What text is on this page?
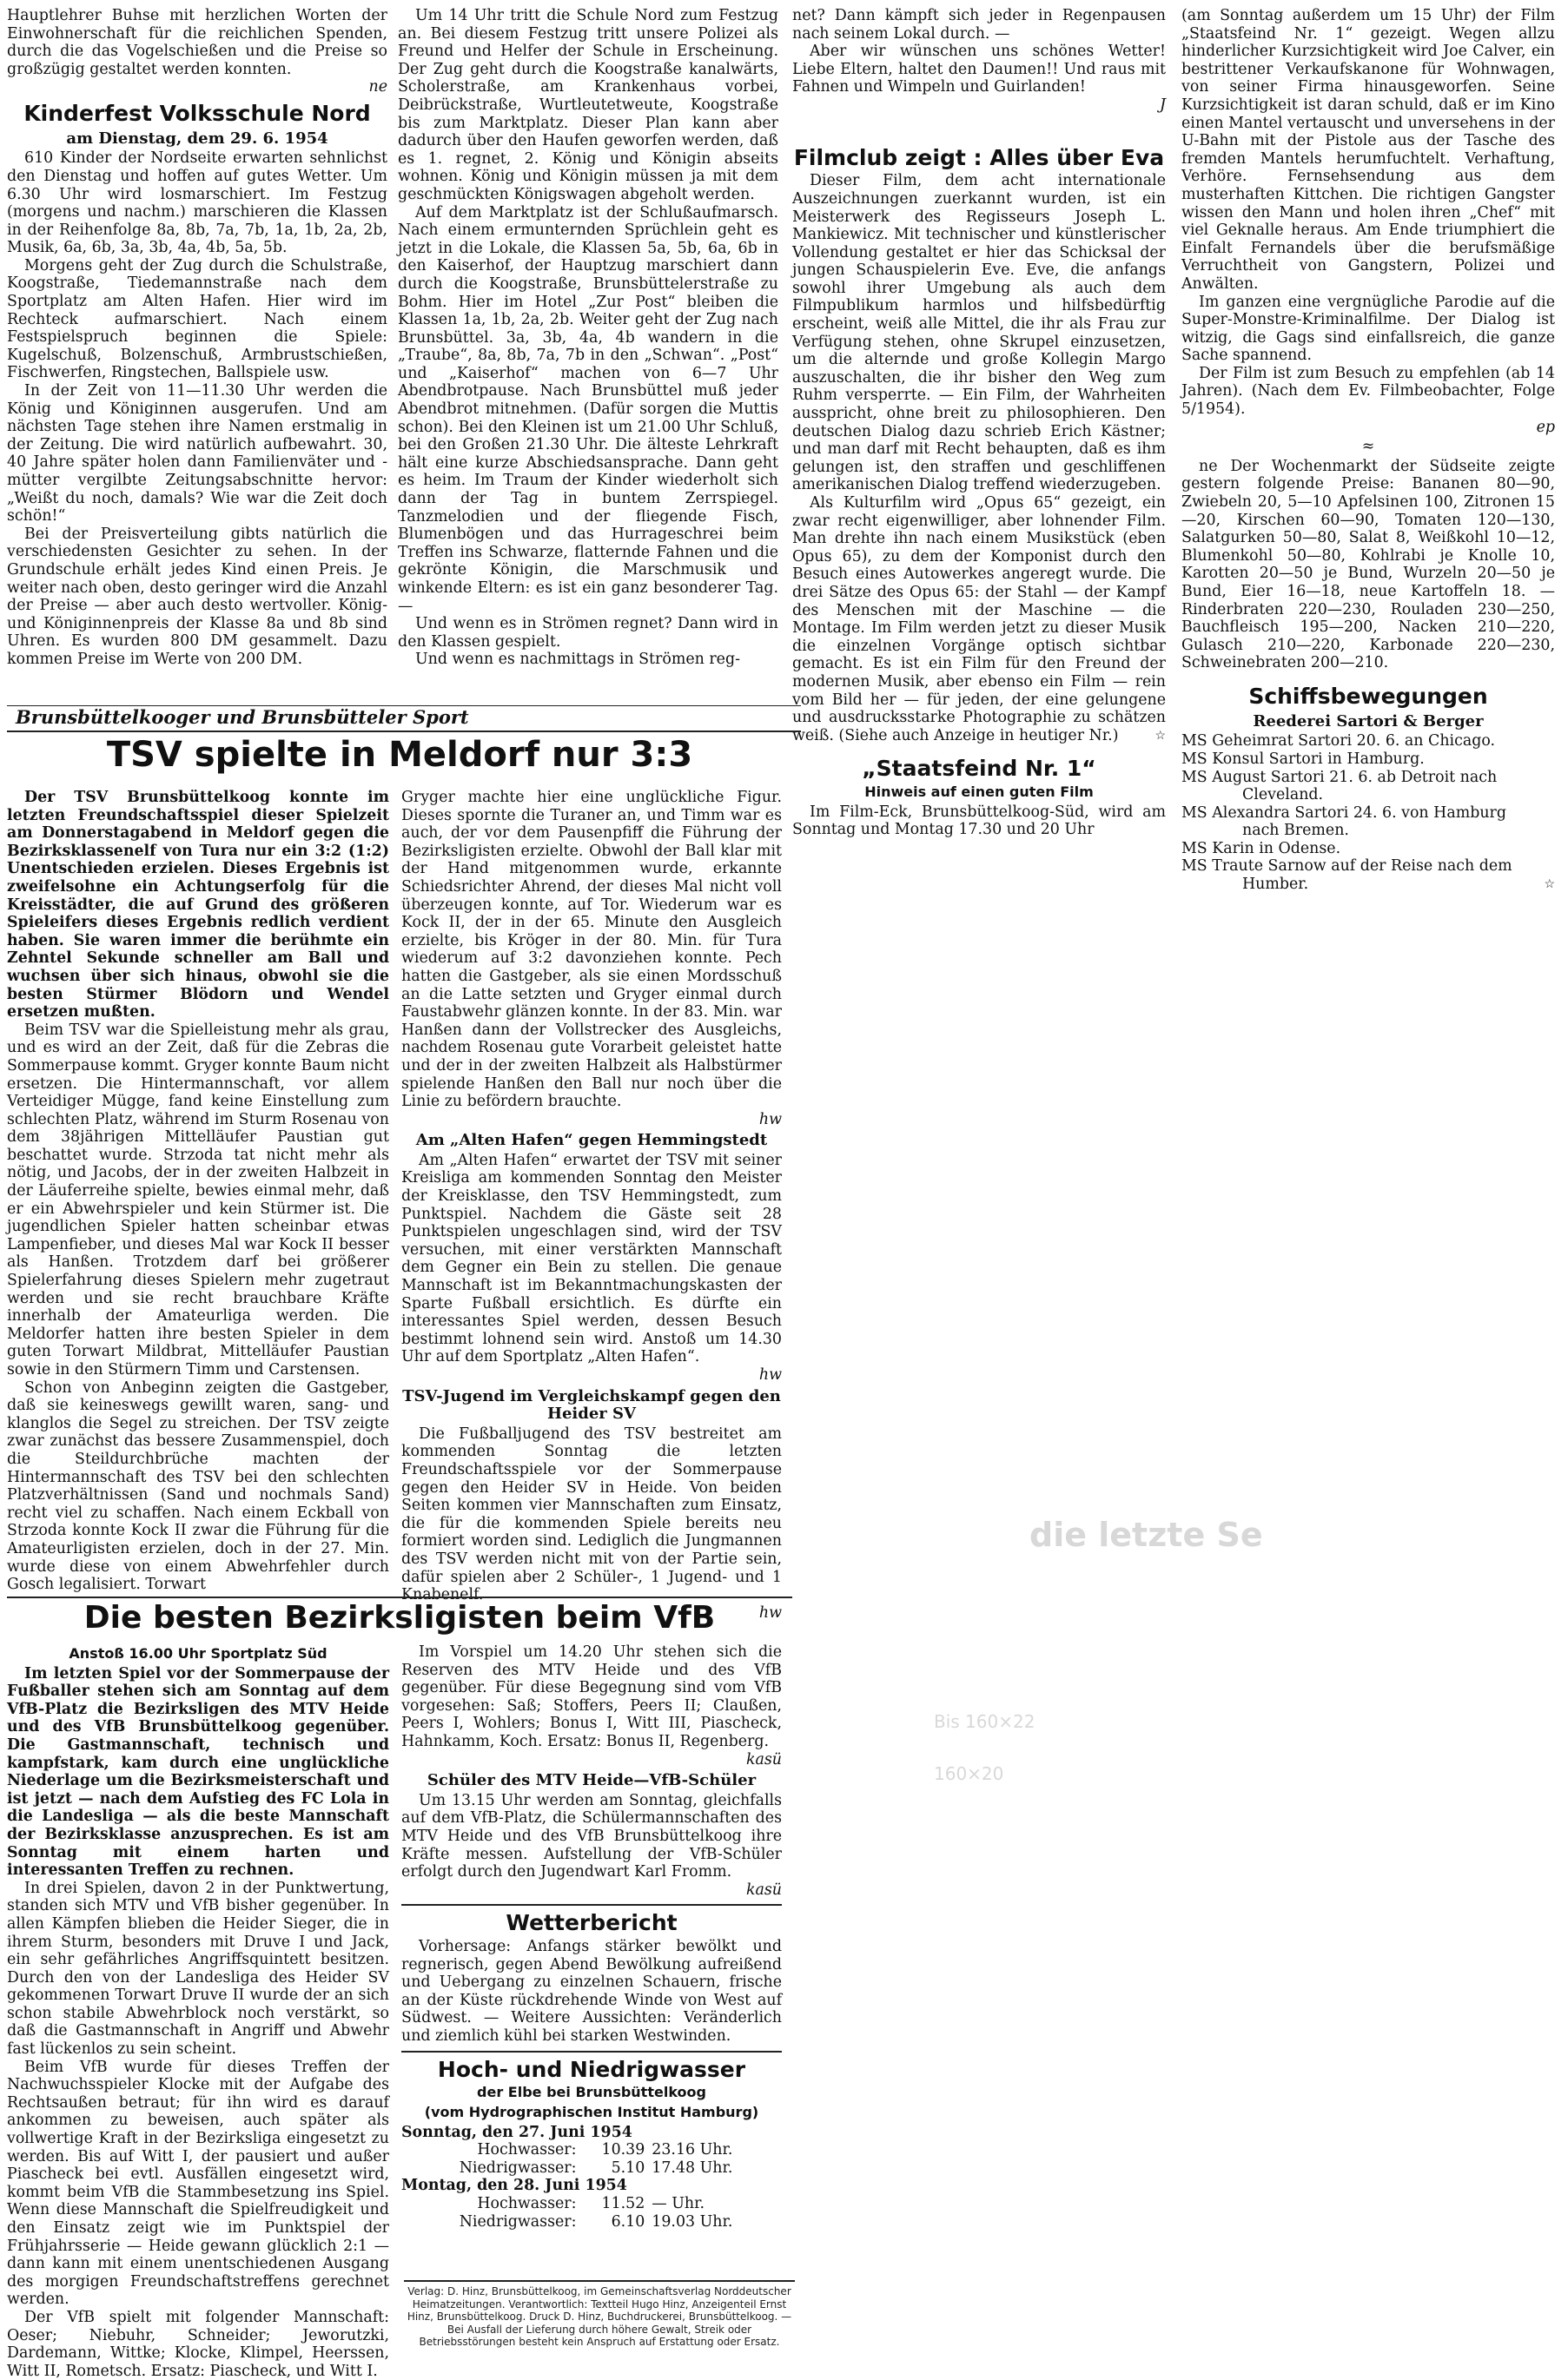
Hauptlehrer Buhse mit herzlichen Worten der Einwohnerschaft für die reichlichen Spenden, durch die das Vogelschießen und die Preise so großzügig gestaltet werden konnten.

ne
Kinderfest Volksschule Nord
am Dienstag, dem 29. 6. 1954

610 Kinder der Nordseite erwarten sehnlichst den Dienstag und hoffen auf gutes Wetter. Um 6.30 Uhr wird losmarschiert. Im Festzug (morgens und nachm.) marschieren die Klassen in der Reihenfolge 8a, 8b, 7a, 7b, 1a, 1b, 2a, 2b, Musik, 6a, 6b, 3a, 3b, 4a, 4b, 5a, 5b.

Morgens geht der Zug durch die Schulstraße, Koogstraße, Tiedemannstraße nach dem Sportplatz am Alten Hafen. Hier wird im Rechteck aufmarschiert. Nach einem Festspielspruch beginnen die Spiele: Kugelschuß, Bolzenschuß, Armbrustschießen, Fischwerfen, Ringstechen, Ballspiele usw.

In der Zeit von 11—11.30 Uhr werden die König und Königinnen ausgerufen. Und am nächsten Tage stehen ihre Namen erstmalig in der Zeitung. Die wird natürlich aufbewahrt. 30, 40 Jahre später holen dann Familienväter und -mütter vergilbte Zeitungsabschnitte hervor: „Weißt du noch, damals? Wie war die Zeit doch schön!“

Bei der Preisverteilung gibts natürlich die verschiedensten Gesichter zu sehen. In der Grundschule erhält jedes Kind einen Preis. Je weiter nach oben, desto geringer wird die Anzahl der Preise — aber auch desto wertvoller. König- und Königinnenpreis der Klasse 8a und 8b sind Uhren. Es wurden 800 DM gesammelt. Dazu kommen Preise im Werte von 200 DM.

Um 14 Uhr tritt die Schule Nord zum Festzug an. Bei diesem Festzug tritt unsere Polizei als Freund und Helfer der Schule in Erscheinung. Der Zug geht durch die Koogstraße kanalwärts, Scholerstraße, am Krankenhaus vorbei, Deibrückstraße, Wurtleutetweute, Koogstraße bis zum Marktplatz. Dieser Plan kann aber dadurch über den Haufen geworfen werden, daß es 1. regnet, 2. König und Königin abseits wohnen. König und Königin müssen ja mit dem geschmückten Königswagen abgeholt werden.

Auf dem Marktplatz ist der Schlußaufmarsch. Nach einem ermunternden Sprüchlein geht es jetzt in die Lokale, die Klassen 5a, 5b, 6a, 6b in den Kaiserhof, der Hauptzug marschiert dann durch die Koogstraße, Brunsbüttelerstraße zu Bohm. Hier im Hotel „Zur Post“ bleiben die Klassen 1a, 1b, 2a, 2b. Weiter geht der Zug nach Brunsbüttel. 3a, 3b, 4a, 4b wandern in die „Traube“, 8a, 8b, 7a, 7b in den „Schwan“. „Post“ und „Kaiserhof“ machen von 6—7 Uhr Abendbrotpause. Nach Brunsbüttel muß jeder Abendbrot mitnehmen. (Dafür sorgen die Muttis schon). Bei den Kleinen ist um 21.00 Uhr Schluß, bei den Großen 21.30 Uhr. Die älteste Lehrkraft hält eine kurze Abschiedsansprache. Dann geht es heim. Im Traum der Kinder wiederholt sich dann der Tag in buntem Zerrspiegel. Tanzmelodien und der fliegende Fisch, Blumenbögen und das Hurrageschrei beim Treffen ins Schwarze, flatternde Fahnen und die gekrönte Königin, die Marschmusik und winkende Eltern: es ist ein ganz besonderer Tag. —

Und wenn es in Strömen regnet? Dann wird in den Klassen gespielt.

Und wenn es nachmittags in Strömen reg-

net? Dann kämpft sich jeder in Regenpausen nach seinem Lokal durch. —

Aber wir wünschen uns schönes Wetter! Liebe Eltern, haltet den Daumen!! Und raus mit Fahnen und Wimpeln und Guirlanden!

J
Filmclub zeigt : Alles über Eva

Dieser Film, dem acht internationale Auszeichnungen zuerkannt wurden, ist ein Meisterwerk des Regisseurs Joseph L. Mankiewicz. Mit technischer und künstlerischer Vollendung gestaltet er hier das Schicksal der jungen Schauspielerin Eve. Eve, die anfangs sowohl ihrer Umgebung als auch dem Filmpublikum harmlos und hilfsbedürftig erscheint, weiß alle Mittel, die ihr als Frau zur Verfügung stehen, ohne Skrupel einzusetzen, um die alternde und große Kollegin Margo auszuschalten, die ihr bisher den Weg zum Ruhm versperrte. — Ein Film, der Wahrheiten ausspricht, ohne breit zu philosophieren. Den deutschen Dialog dazu schrieb Erich Kästner; und man darf mit Recht behaupten, daß es ihm gelungen ist, den straffen und geschliffenen amerikanischen Dialog treffend wiederzugeben.

Als Kulturfilm wird „Opus 65“ gezeigt, ein zwar recht eigenwilliger, aber lohnender Film. Man drehte ihn nach einem Musikstück (eben Opus 65), zu dem der Komponist durch den Besuch eines Autowerkes angeregt wurde. Die drei Sätze des Opus 65: der Stahl — der Kampf des Menschen mit der Maschine — die Montage. Im Film werden jetzt zu dieser Musik die einzelnen Vorgänge optisch sichtbar gemacht. Es ist ein Film für den Freund der modernen Musik, aber ebenso ein Film — rein vom Bild her — für jeden, der eine gelungene und ausdrucksstarke Photographie zu schätzen weiß. (Siehe auch Anzeige in heutiger Nr.) ☆

„Staatsfeind Nr. 1“
Hinweis auf einen guten Film

Im Film-Eck, Brunsbüttelkoog-Süd, wird am Sonntag und Montag 17.30 und 20 Uhr

(am Sonntag außerdem um 15 Uhr) der Film „Staatsfeind Nr. 1“ gezeigt. Wegen allzu hinderlicher Kurzsichtigkeit wird Joe Calver, ein bestrittener Verkaufskanone für Wohnwagen, von seiner Firma hinausgeworfen. Seine Kurzsichtigkeit ist daran schuld, daß er im Kino einen Mantel vertauscht und unversehens in der U-Bahn mit der Pistole aus der Tasche des fremden Mantels herumfuchtelt. Verhaftung, Verhöre. Fernsehsendung aus dem musterhaften Kittchen. Die richtigen Gangster wissen den Mann und holen ihren „Chef“ mit viel Geknalle heraus. Am Ende triumphiert die Einfalt Fernandels über die berufsmäßige Verruchtheit von Gangstern, Polizei und Anwälten.

Im ganzen eine vergnügliche Parodie auf die Super-Monstre-Kriminalfilme. Der Dialog ist witzig, die Gags sind einfallsreich, die ganze Sache spannend.

Der Film ist zum Besuch zu empfehlen (ab 14 Jahren). (Nach dem Ev. Filmbeobachter, Folge 5/1954).

ep
≈

ne Der Wochenmarkt der Südseite zeigte gestern folgende Preise: Bananen 80—90, Zwiebeln 20, 5—10 Apfelsinen 100, Zitronen 15—20, Kirschen 60—90, Tomaten 120—130, Salatgurken 50—80, Salat 8, Weißkohl 10—12, Blumenkohl 50—80, Kohlrabi je Knolle 10, Karotten 20—50 je Bund, Wurzeln 20—50 je Bund, Eier 16—18, neue Kartoffeln 18. — Rinderbraten 220—230, Rouladen 230—250, Bauchfleisch 195—200, Nacken 210—220, Gulasch 210—220, Karbonade 220—230, Schweinebraten 200—210.

Schiffsbewegungen
Reederei Sartori & Berger

MS Geheimrat Sartori 20. 6. an Chicago.

MS Konsul Sartori in Hamburg.

MS August Sartori 21. 6. ab Detroit nach

Cleveland.

MS Alexandra Sartori 24. 6. von Hamburg

nach Bremen.

MS Karin in Odense.

MS Traute Sarnow auf der Reise nach dem

Humber. ☆

Brunsbüttelkooger und Brunsbütteler Sport
TSV spielte in Meldorf nur 3:3

Der TSV Brunsbüttelkoog konnte im letzten Freundschaftsspiel dieser Spielzeit am Donnerstagabend in Meldorf gegen die Bezirksklassenelf von Tura nur ein 3:2 (1:2) Unentschieden erzielen. Dieses Ergebnis ist zweifelsohne ein Achtungserfolg für die Kreisstädter, die auf Grund des größeren Spieleifers dieses Ergebnis redlich verdient haben. Sie waren immer die berühmte ein Zehntel Sekunde schneller am Ball und wuchsen über sich hinaus, obwohl sie die besten Stürmer Blödorn und Wendel ersetzen mußten.

Beim TSV war die Spielleistung mehr als grau, und es wird an der Zeit, daß für die Zebras die Sommerpause kommt. Gryger konnte Baum nicht ersetzen. Die Hintermannschaft, vor allem Verteidiger Mügge, fand keine Einstellung zum schlechten Platz, während im Sturm Rosenau von dem 38jährigen Mittelläufer Paustian gut beschattet wurde. Strzoda tat nicht mehr als nötig, und Jacobs, der in der zweiten Halbzeit in der Läuferreihe spielte, bewies einmal mehr, daß er ein Abwehrspieler und kein Stürmer ist. Die jugendlichen Spieler hatten scheinbar etwas Lampenfieber, und dieses Mal war Kock II besser als Hanßen. Trotzdem darf bei größerer Spielerfahrung dieses Spielern mehr zugetraut werden und sie recht brauchbare Kräfte innerhalb der Amateurliga werden. Die Meldorfer hatten ihre besten Spieler in dem guten Torwart Mildbrat, Mittelläufer Paustian sowie in den Stürmern Timm und Carstensen.

Schon von Anbeginn zeigten die Gastgeber, daß sie keineswegs gewillt waren, sang- und klanglos die Segel zu streichen. Der TSV zeigte zwar zunächst das bessere Zusammenspiel, doch die Steildurchbrüche machten der Hintermannschaft des TSV bei den schlechten Platzverhältnissen (Sand und nochmals Sand) recht viel zu schaffen. Nach einem Eckball von Strzoda konnte Kock II zwar die Führung für die Amateurligisten erzielen, doch in der 27. Min. wurde diese von einem Abwehrfehler durch Gosch legalisiert. Torwart

Gryger machte hier eine unglückliche Figur. Dieses spornte die Turaner an, und Timm war es auch, der vor dem Pausenpfiff die Führung der Bezirksligisten erzielte. Obwohl der Ball klar mit der Hand mitgenommen wurde, erkannte Schiedsrichter Ahrend, der dieses Mal nicht voll überzeugen konnte, auf Tor. Wiederum war es Kock II, der in der 65. Minute den Ausgleich erzielte, bis Kröger in der 80. Min. für Tura wiederum auf 3:2 davonziehen konnte. Pech hatten die Gastgeber, als sie einen Mordsschuß an die Latte setzten und Gryger einmal durch Faustabwehr glänzen konnte. In der 83. Min. war Hanßen dann der Vollstrecker des Ausgleichs, nachdem Rosenau gute Vorarbeit geleistet hatte und der in der zweiten Halbzeit als Halbstürmer spielende Hanßen den Ball nur noch über die Linie zu befördern brauchte.

hw
Am „Alten Hafen“ gegen Hemmingstedt

Am „Alten Hafen“ erwartet der TSV mit seiner Kreisliga am kommenden Sonntag den Meister der Kreisklasse, den TSV Hemmingstedt, zum Punktspiel. Nachdem die Gäste seit 28 Punktspielen ungeschlagen sind, wird der TSV versuchen, mit einer verstärkten Mannschaft dem Gegner ein Bein zu stellen. Die genaue Mannschaft ist im Bekanntmachungskasten der Sparte Fußball ersichtlich. Es dürfte ein interessantes Spiel werden, dessen Besuch bestimmt lohnend sein wird. Anstoß um 14.30 Uhr auf dem Sportplatz „Alten Hafen“.

hw
TSV-Jugend im Vergleichskampf gegen den Heider SV

Die Fußballjugend des TSV bestreitet am kommenden Sonntag die letzten Freundschaftsspiele vor der Sommerpause gegen den Heider SV in Heide. Von beiden Seiten kommen vier Mannschaften zum Einsatz, die für die kommenden Spiele bereits neu formiert worden sind. Lediglich die Jungmannen des TSV werden nicht mit von der Partie sein, dafür spielen aber 2 Schüler-, 1 Jugend- und 1 Knabenelf.

hw
Die besten Bezirksligisten beim VfB
Anstoß 16.00 Uhr Sportplatz Süd

Im letzten Spiel vor der Sommerpause der Fußballer stehen sich am Sonntag auf dem VfB-Platz die Bezirksligen des MTV Heide und des VfB Brunsbüttelkoog gegenüber. Die Gastmannschaft, technisch und kampfstark, kam durch eine unglückliche Niederlage um die Bezirksmeisterschaft und ist jetzt — nach dem Aufstieg des FC Lola in die Landesliga — als die beste Mannschaft der Bezirksklasse anzusprechen. Es ist am Sonntag mit einem harten und interessanten Treffen zu rechnen.

In drei Spielen, davon 2 in der Punktwertung, standen sich MTV und VfB bisher gegenüber. In allen Kämpfen blieben die Heider Sieger, die in ihrem Sturm, besonders mit Druve I und Jack, ein sehr gefährliches Angriffsquintett besitzen. Durch den von der Landesliga des Heider SV gekommenen Torwart Druve II wurde der an sich schon stabile Abwehrblock noch verstärkt, so daß die Gastmannschaft in Angriff und Abwehr fast lückenlos zu sein scheint.

Beim VfB wurde für dieses Treffen der Nachwuchsspieler Klocke mit der Aufgabe des Rechtsaußen betraut; für ihn wird es darauf ankommen zu beweisen, auch später als vollwertige Kraft in der Bezirksliga eingesetzt zu werden. Bis auf Witt I, der pausiert und außer Piascheck bei evtl. Ausfällen eingesetzt wird, kommt beim VfB die Stammbesetzung ins Spiel. Wenn diese Mannschaft die Spielfreudigkeit und den Einsatz zeigt wie im Punktspiel der Frühjahrsserie — Heide gewann glücklich 2:1 — dann kann mit einem unentschiedenen Ausgang des morgigen Freundschaftstreffens gerechnet werden.

Der VfB spielt mit folgender Mannschaft: Oeser; Niebuhr, Schneider; Jeworutzki, Dardemann, Wittke; Klocke, Klimpel, Heerssen, Witt II, Rometsch. Ersatz: Piascheck, und Witt I.

Im Vorspiel um 14.20 Uhr stehen sich die Reserven des MTV Heide und des VfB gegenüber. Für diese Begegnung sind vom VfB vorgesehen: Saß; Stoffers, Peers II; Claußen, Peers I, Wohlers; Bonus I, Witt III, Piascheck, Hahnkamm, Koch. Ersatz: Bonus II, Regenberg.

kasü
Schüler des MTV Heide—VfB-Schüler

Um 13.15 Uhr werden am Sonntag, gleichfalls auf dem VfB-Platz, die Schülermannschaften des MTV Heide und des VfB Brunsbüttelkoog ihre Kräfte messen. Aufstellung der VfB-Schüler erfolgt durch den Jugendwart Karl Fromm.

kasü
Wetterbericht

Vorhersage: Anfangs stärker bewölkt und regnerisch, gegen Abend Bewölkung aufreißend und Uebergang zu einzelnen Schauern, frische an der Küste rückdrehende Winde von West auf Südwest. — Weitere Aussichten: Veränderlich und ziemlich kühl bei starken Westwinden.

Hoch- und Niedrigwasser
der Elbe bei Brunsbüttelkoog
(vom Hydrographischen Institut Hamburg)
Sonntag, den 27. Juni 1954
Hochwasser:	10.39	23.16 Uhr.
Niedrigwasser:	5.10	17.48 Uhr.
Montag, den 28. Juni 1954
Hochwasser:	11.52	— Uhr.
Niedrigwasser:	6.10	19.03 Uhr.
Verlag: D. Hinz, Brunsbüttelkoog, im Gemeinschaftsverlag Norddeutscher Heimatzeitungen. Verantwortlich: Textteil Hugo Hinz, Anzeigenteil Ernst Hinz, Brunsbüttelkoog. Druck D. Hinz, Buchdruckerei, Brunsbüttelkoog. — Bei Ausfall der Lieferung durch höhere Gewalt, Streik oder Betriebsstörungen besteht kein Anspruch auf Erstattung oder Ersatz.
die letzte Se
Bis 160×22
160×20
